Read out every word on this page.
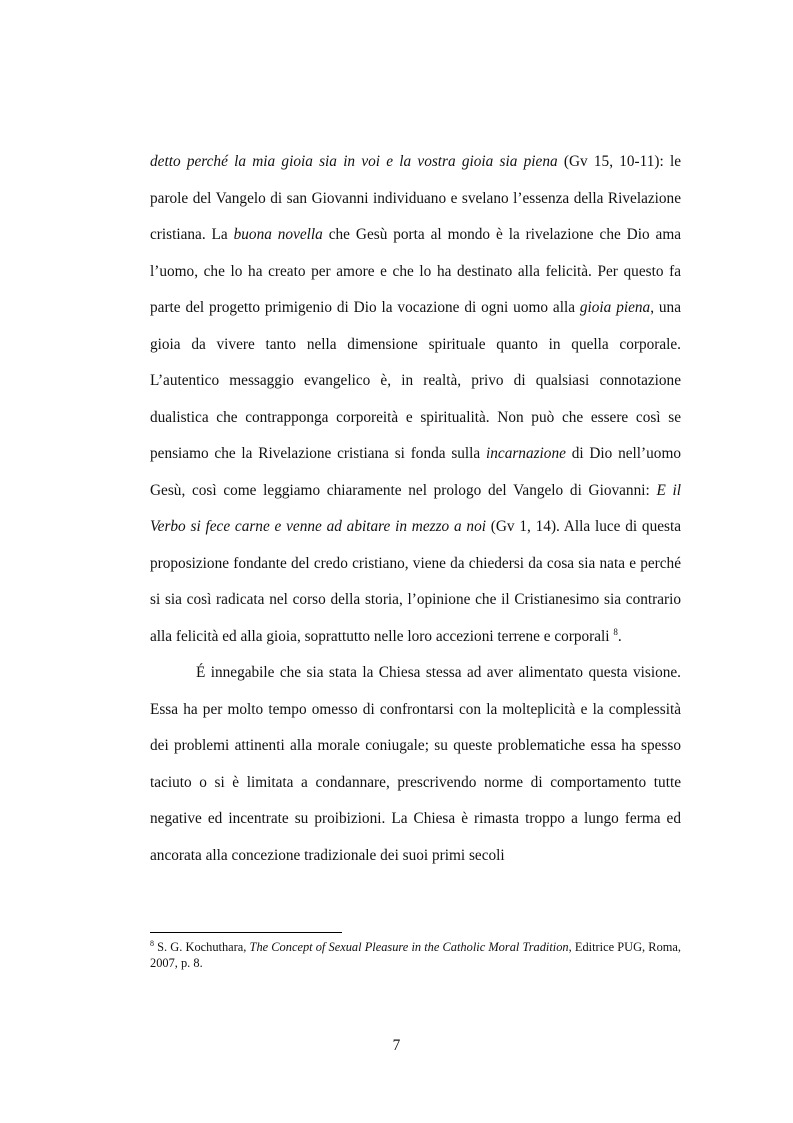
detto perché la mia gioia sia in voi e la vostra gioia sia piena (Gv 15, 10-11): le parole del Vangelo di san Giovanni individuano e svelano l’essenza della Rivelazione cristiana. La buona novella che Gesù porta al mondo è la rivelazione che Dio ama l’uomo, che lo ha creato per amore e che lo ha destinato alla felicità. Per questo fa parte del progetto primigenio di Dio la vocazione di ogni uomo alla gioia piena, una gioia da vivere tanto nella dimensione spirituale quanto in quella corporale. L’autentico messaggio evangelico è, in realtà, privo di qualsiasi connotazione dualistica che contrapponga corporeità e spiritualità. Non può che essere così se pensiamo che la Rivelazione cristiana si fonda sulla incarnazione di Dio nell’uomo Gesù, così come leggiamo chiaramente nel prologo del Vangelo di Giovanni: E il Verbo si fece carne e venne ad abitare in mezzo a noi (Gv 1, 14). Alla luce di questa proposizione fondante del credo cristiano, viene da chiedersi da cosa sia nata e perché si sia così radicata nel corso della storia, l’opinione che il Cristianesimo sia contrario alla felicità ed alla gioia, soprattutto nelle loro accezioni terrene e corporali $^8$.

É innegabile che sia stata la Chiesa stessa ad aver alimentato questa visione. Essa ha per molto tempo omesso di confrontarsi con la molteplicità e la complessità dei problemi attinenti alla morale coniugale; su queste problematiche essa ha spesso taciuto o si è limitata a condannare, prescrivendo norme di comportamento tutte negative ed incentrate su proibizioni. La Chiesa è rimasta troppo a lungo ferma ed ancorata alla concezione tradizionale dei suoi primi secoli

$^8$ S. G. Kochuthara, The Concept of Sexual Pleasure in the Catholic Moral Tradition, Editrice PUG, Roma, 2007, p. 8.

7
